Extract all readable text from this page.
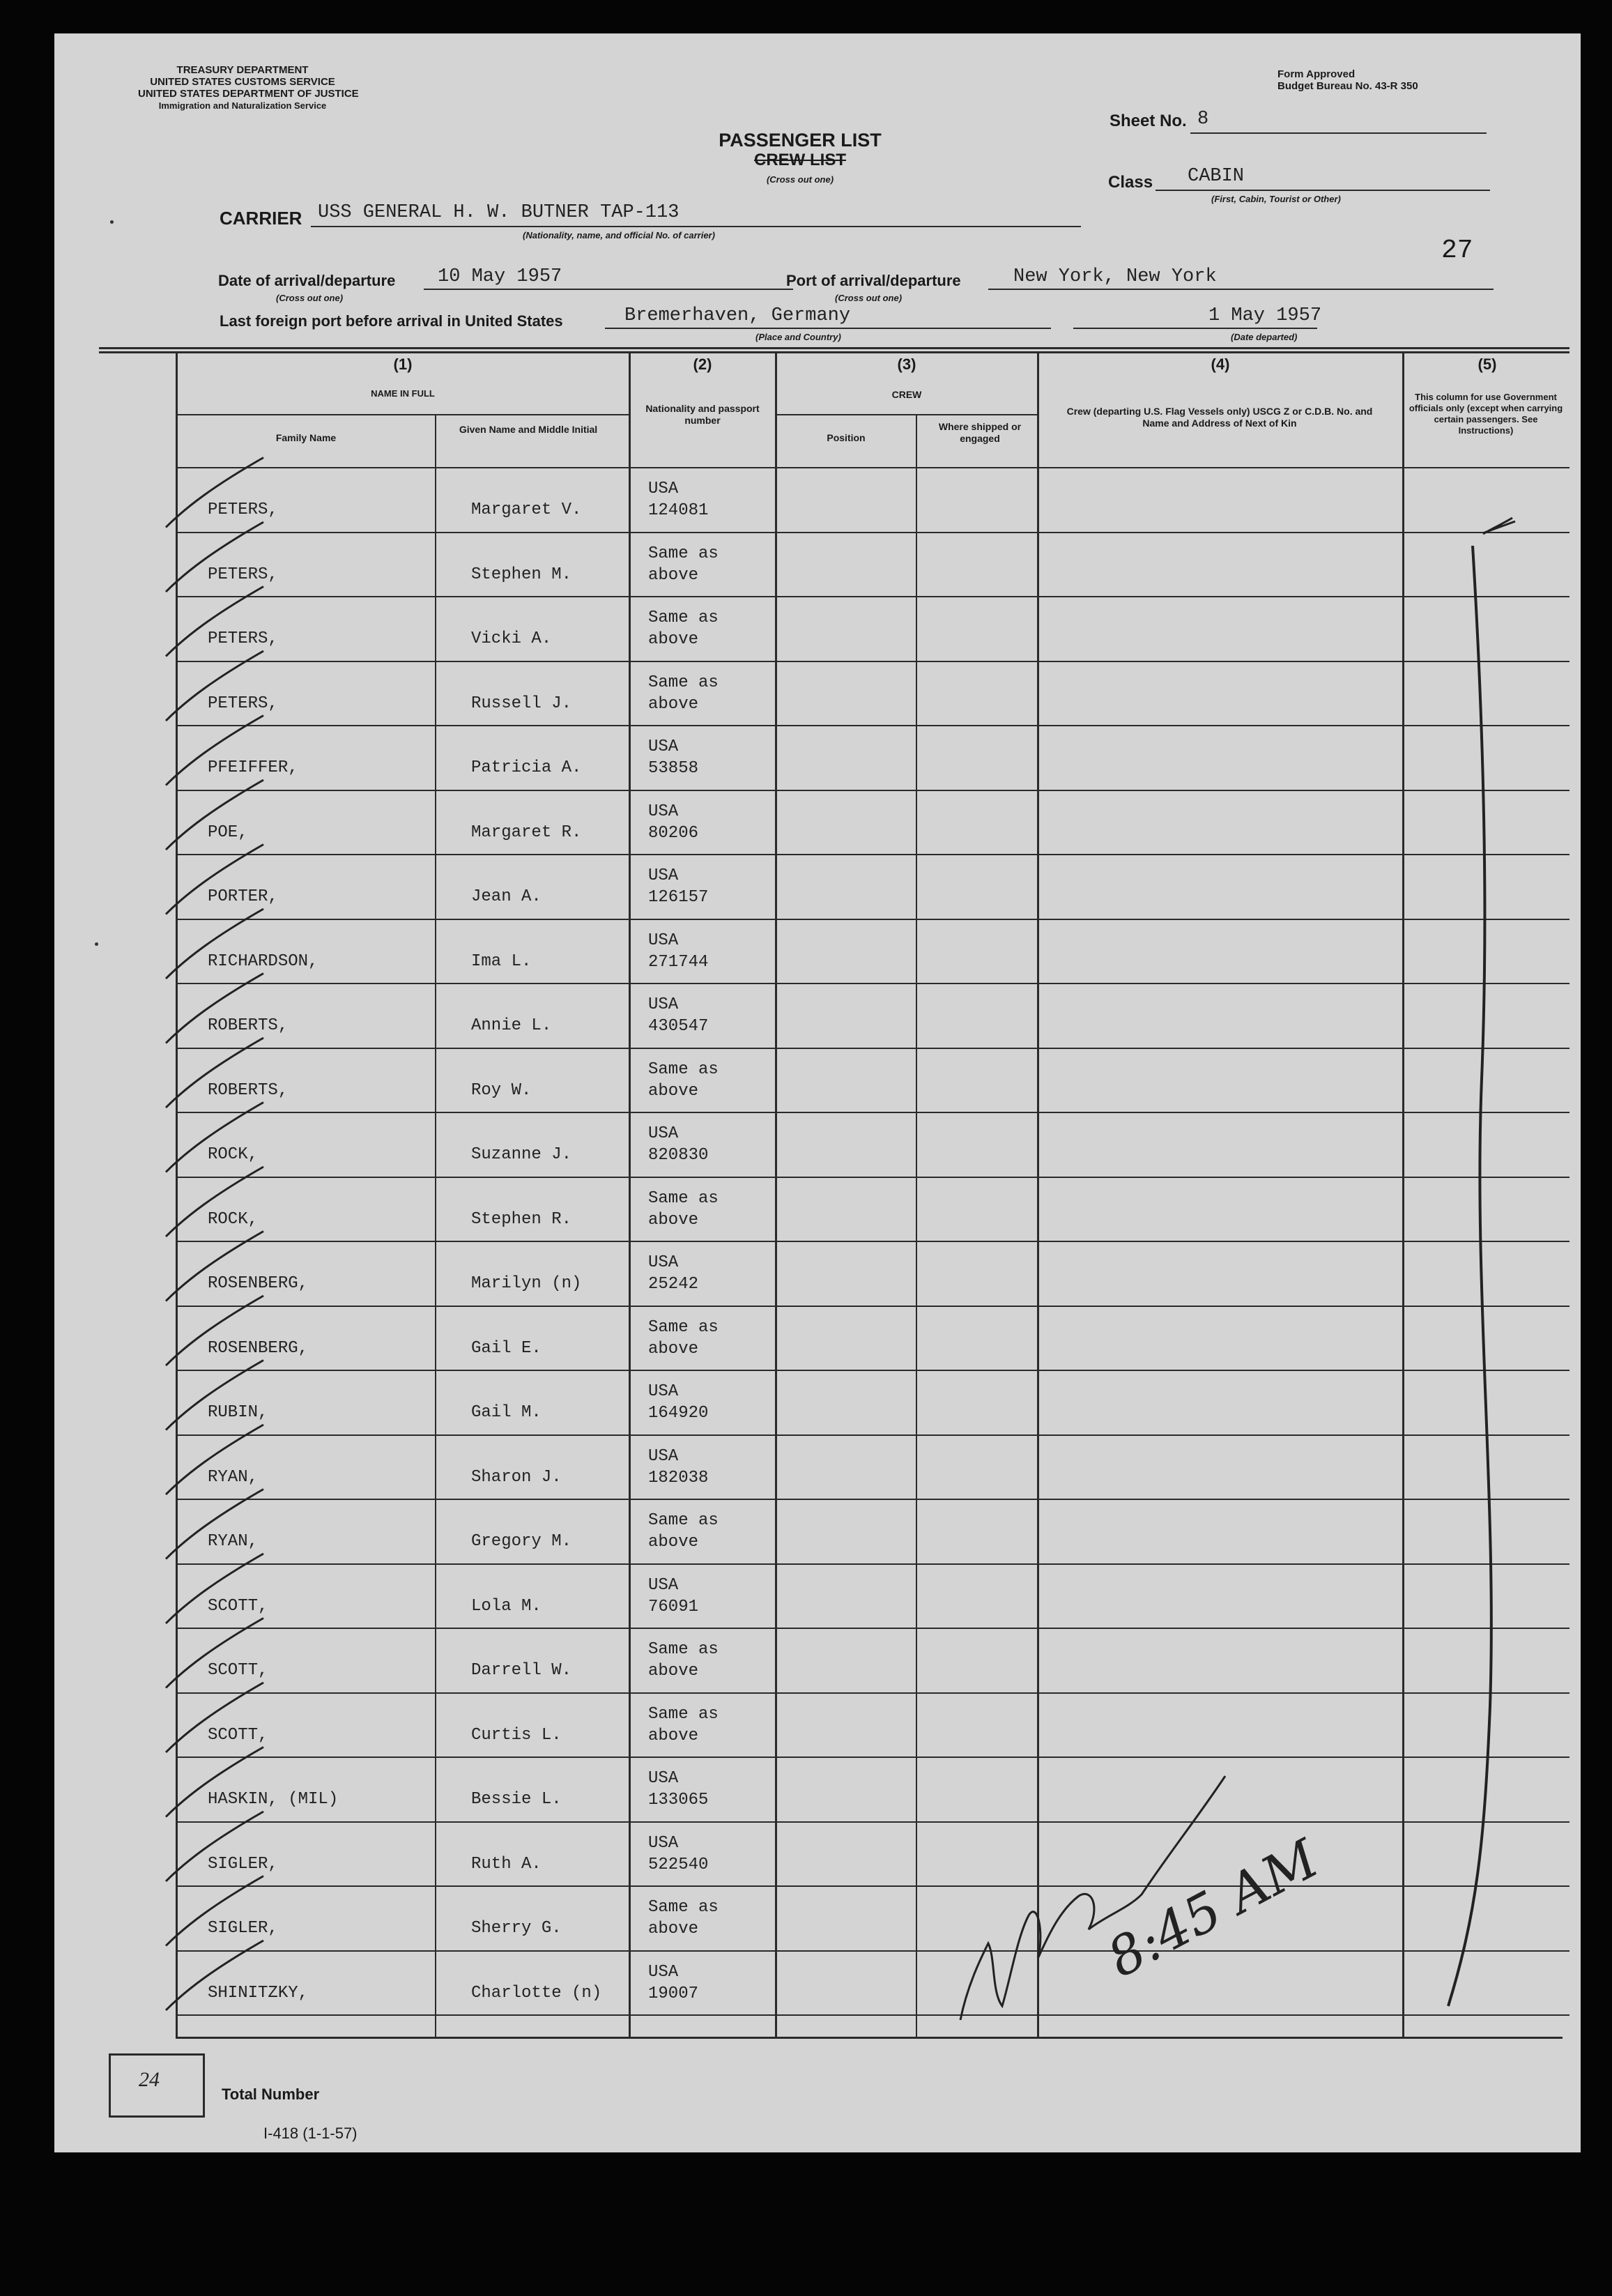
TREASURY DEPARTMENT
UNITED STATES CUSTOMS SERVICE
UNITED STATES DEPARTMENT OF JUSTICE
Immigration and Naturalization Service
Form Approved
Budget Bureau No. 43-R 350
PASSENGER LIST
CREW LIST
(Cross out one)
Sheet No. 8
Class CABIN
(First, Cabin, Tourist or Other)
27
CARRIER USS GENERAL H. W. BUTNER TAP-113
(Nationality, name, and official No. of carrier)
Date of arrival/departure 10 May 1957
(Cross out one)
Port of arrival/departure	New York, New York
(Cross out one)
Last foreign port before arrival in United States	Bremerhaven, Germany
(Place and Country)
1 May 1957
(Date departed)
(1)
NAME IN FULL
Family Name
Given Name and Middle Initial
(2)
Nationality and passport number
(3)
CREW
Position
Where shipped or engaged
(4)
Crew (departing U.S. Flag Vessels only) USCG Z or C.D.B. No. and Name and Address of Next of Kin
(5)
This column for use Government officials only (except when carrying certain passengers. See Instructions)
PETERS,	Margaret V.
USA
124081
PETERS,	Stephen M.
Same as
above
PETERS,	Vicki A.
Same as
above
PETERS,	Russell J.
Same as
above
PFEIFFER,	Patricia A.
USA
53858
POE,	Margaret R.
USA
80206
PORTER,	Jean A.
USA
126157
RICHARDSON,	Ima L.
USA
271744
ROBERTS,	Annie L.
USA
430547
ROBERTS,	Roy W.
Same as
above
ROCK,	Suzanne J.
USA
820830
ROCK,	Stephen R.
Same as
above
ROSENBERG,	Marilyn (n)
USA
25242
ROSENBERG,	Gail E.
Same as
above
RUBIN,	Gail M.
USA
164920
RYAN,	Sharon J.
USA
182038
RYAN,	Gregory M.
Same as
above
SCOTT,	Lola M.
USA
76091
SCOTT,	Darrell W.
Same as
above
SCOTT,	Curtis L.
Same as
above
HASKIN, (MIL)	Bessie L.
USA
133065
SIGLER,	Ruth A.
USA
522540
SIGLER,	Sherry G.
Same as
above
SHINITZKY,	Charlotte (n)
USA
19007
24
Total Number
I-418 (1-1-57)
8:45 AM
